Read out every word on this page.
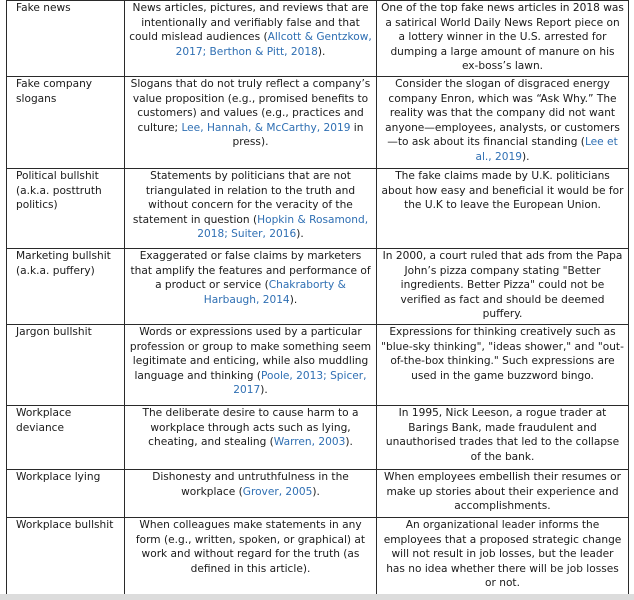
Fake news	News articles, pictures, and reviews that are intentionally and verifiably false and that could mislead audiences (Allcott & Gentzkow, 2017; Berthon & Pitt, 2018).	One of the top fake news articles in 2018 was a satirical World Daily News Report piece on a lottery winner in the U.S. arrested for dumping a large amount of manure on his ex-boss’s lawn.
Fake company slogans	Slogans that do not truly reflect a company’s value proposition (e.g., promised benefits to customers) and values (e.g., practices and culture; Lee, Hannah, & McCarthy, 2019 in press).	Consider the slogan of disgraced energy company Enron, which was “Ask Why.” The reality was that the company did not want anyone—employees, analysts, or customers—to ask about its financial standing (Lee et al., 2019).
Political bullshit (a.k.a. posttruth politics)	Statements by politicians that are not triangulated in relation to the truth and without concern for the veracity of the statement in question (Hopkin & Rosamond, 2018; Suiter, 2016).	The fake claims made by U.K. politicians about how easy and beneficial it would be for the U.K to leave the European Union.
Marketing bullshit (a.k.a. puffery)	Exaggerated or false claims by marketers that amplify the features and performance of a product or service (Chakraborty & Harbaugh, 2014).	In 2000, a court ruled that ads from the Papa John’s pizza company stating "Better ingredients. Better Pizza" could not be verified as fact and should be deemed puffery.
Jargon bullshit	Words or expressions used by a particular profession or group to make something seem legitimate and enticing, while also muddling language and thinking (Poole, 2013; Spicer, 2017).	Expressions for thinking creatively such as "blue-sky thinking", "ideas shower," and "out-of-the-box thinking." Such expressions are used in the game buzzword bingo.
Workplace deviance	The deliberate desire to cause harm to a workplace through acts such as lying, cheating, and stealing (Warren, 2003).	In 1995, Nick Leeson, a rogue trader at Barings Bank, made fraudulent and unauthorised trades that led to the collapse of the bank.
Workplace lying	Dishonesty and untruthfulness in the workplace (Grover, 2005).	When employees embellish their resumes or make up stories about their experience and accomplishments.
Workplace bullshit	When colleagues make statements in any form (e.g., written, spoken, or graphical) at work and without regard for the truth (as defined in this article).	An organizational leader informs the employees that a proposed strategic change will not result in job losses, but the leader has no idea whether there will be job losses or not.
